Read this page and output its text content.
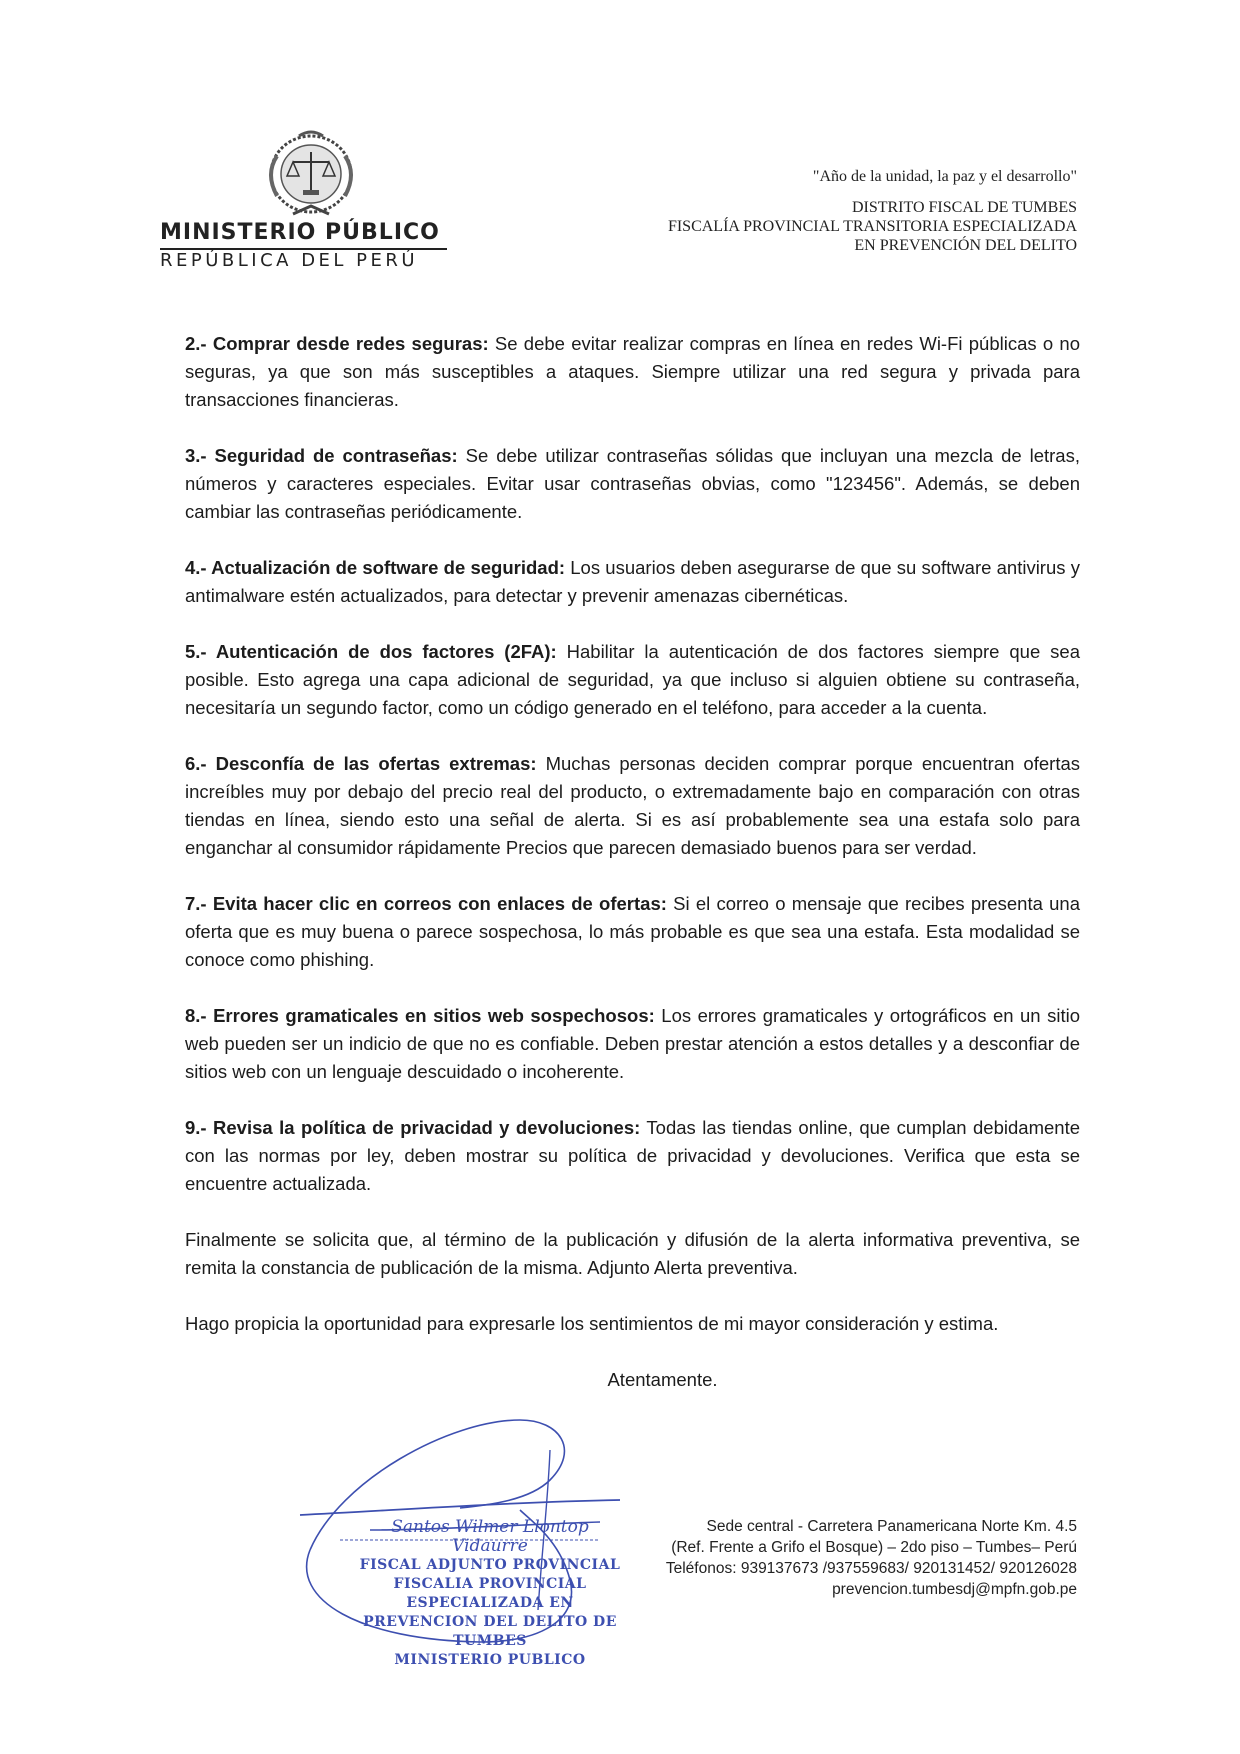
MINISTERIO PÚBLICO
REPÚBLICA DEL PERÚ
"Año de la unidad, la paz y el desarrollo"
DISTRITO FISCAL DE TUMBES
FISCALÍA PROVINCIAL TRANSITORIA ESPECIALIZADA
EN PREVENCIÓN DEL DELITO

2.- Comprar desde redes seguras: Se debe evitar realizar compras en línea en redes Wi-Fi públicas o no seguras, ya que son más susceptibles a ataques. Siempre utilizar una red segura y privada para transacciones financieras.

3.- Seguridad de contraseñas: Se debe utilizar contraseñas sólidas que incluyan una mezcla de letras, números y caracteres especiales. Evitar usar contraseñas obvias, como "123456". Además, se deben cambiar las contraseñas periódicamente.

4.- Actualización de software de seguridad: Los usuarios deben asegurarse de que su software antivirus y antimalware estén actualizados, para detectar y prevenir amenazas cibernéticas.

5.- Autenticación de dos factores (2FA): Habilitar la autenticación de dos factores siempre que sea posible. Esto agrega una capa adicional de seguridad, ya que incluso si alguien obtiene su contraseña, necesitaría un segundo factor, como un código generado en el teléfono, para acceder a la cuenta.

6.- Desconfía de las ofertas extremas: Muchas personas deciden comprar porque encuentran ofertas increíbles muy por debajo del precio real del producto, o extremadamente bajo en comparación con otras tiendas en línea, siendo esto una señal de alerta. Si es así probablemente sea una estafa solo para enganchar al consumidor rápidamente Precios que parecen demasiado buenos para ser verdad.

7.- Evita hacer clic en correos con enlaces de ofertas: Si el correo o mensaje que recibes presenta una oferta que es muy buena o parece sospechosa, lo más probable es que sea una estafa. Esta modalidad se conoce como phishing.

8.- Errores gramaticales en sitios web sospechosos: Los errores gramaticales y ortográficos en un sitio web pueden ser un indicio de que no es confiable. Deben prestar atención a estos detalles y a desconfiar de sitios web con un lenguaje descuidado o incoherente.

9.- Revisa la política de privacidad y devoluciones: Todas las tiendas online, que cumplan debidamente con las normas por ley, deben mostrar su política de privacidad y devoluciones. Verifica que esta se encuentre actualizada.

Finalmente se solicita que, al término de la publicación y difusión de la alerta informativa preventiva, se remita la constancia de publicación de la misma. Adjunto Alerta preventiva.

Hago propicia la oportunidad para expresarle los sentimientos de mi mayor consideración y estima.

Atentamente.

Santos Wilmer Llontop Vidaurre
FISCAL ADJUNTO PROVINCIAL
FISCALIA PROVINCIAL ESPECIALIZADA EN
PREVENCION DEL DELITO DE TUMBES
MINISTERIO PUBLICO
Sede central - Carretera Panamericana Norte Km. 4.5
(Ref. Frente a Grifo el Bosque) – 2do piso – Tumbes– Perú
Teléfonos: 939137673 /937559683/ 920131452/ 920126028
prevencion.tumbesdj@mpfn.gob.pe
